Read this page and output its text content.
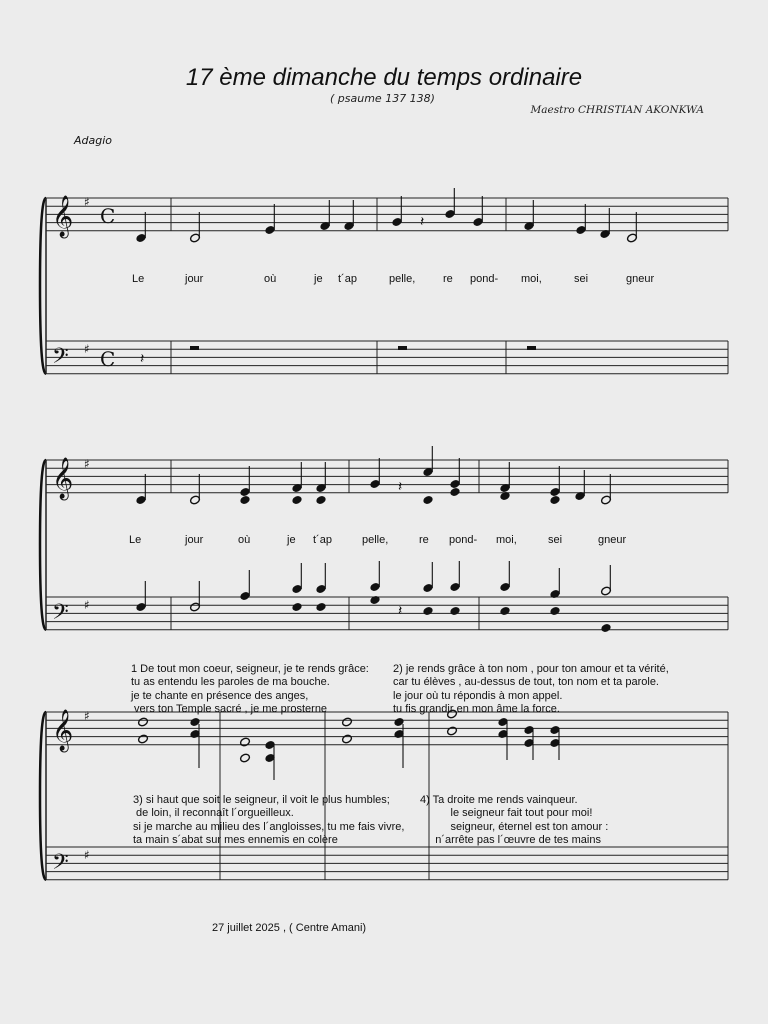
17 ème dimanche du temps ordinaire
( psaume 137 138)
Maestro CHRISTIAN AKONKWA
Adagio
𝄞
𝄢
♯
♯
C
C
𝄽
𝄽
𝄞
𝄢
♯
♯
𝄽
𝄽
𝄞
𝄢
♯
♯
Le	jour	où	je t´ap	pelle,	re pond- moi,	sei	gneur
Le	jour	où	je t´ap	pelle,	re pond- moi,	sei	gneur
1 De tout mon coeur, seigneur, je te rends grâce:
tu as entendu les paroles de ma bouche.
je te chante en présence des anges,
vers ton Temple sacré , je me prosterne
2) je rends grâce à ton nom , pour ton amour et ta vérité,
car tu élèves , au-dessus de tout, ton nom et ta parole.
le jour où tu répondis à mon appel.
tu fis grandir en mon âme la force.
3) si haut que soit le seigneur, il voit le plus humbles;
de loin, il reconnaît l´orgueilleux.
si je marche au milieu des l´angloisses, tu me fais vivre,
ta main s´abat sur mes ennemis en colère
4) Ta droite me rends vainqueur.
le seigneur fait tout pour moi!
seigneur, éternel est ton amour :
n´arrête pas l´œuvre de tes mains
27 juillet 2025 , ( Centre Amani)
